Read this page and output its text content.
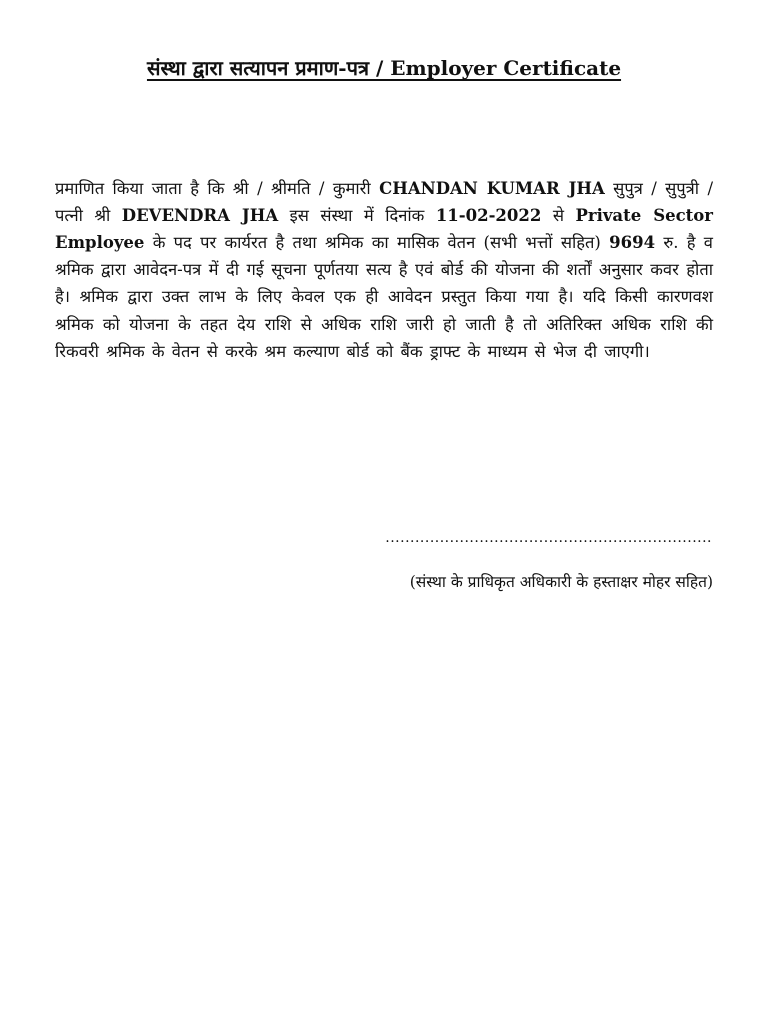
संस्था द्वारा सत्यापन प्रमाण-पत्र / Employer Certificate

प्रमाणित किया जाता है कि श्री / श्रीमति / कुमारी CHANDAN KUMAR JHA सुपुत्र / सुपुत्री / पत्नी श्री DEVENDRA JHA इस संस्था में दिनांक 11-02-2022 से Private Sector Employee के पद पर कार्यरत है तथा श्रमिक का मासिक वेतन (सभी भत्तों सहित) 9694 रु. है व श्रमिक द्वारा आवेदन-पत्र में दी गई सूचना पूर्णतया सत्य है एवं बोर्ड की योजना की शर्तों अनुसार कवर होता है। श्रमिक द्वारा उक्त लाभ के लिए केवल एक ही आवेदन प्रस्तुत किया गया है। यदि किसी कारणवश श्रमिक को योजना के तहत देय राशि से अधिक राशि जारी हो जाती है तो अतिरिक्त अधिक राशि की रिकवरी श्रमिक के वेतन से करके श्रम कल्याण बोर्ड को बैंक ड्राफ्ट के माध्यम से भेज दी जाएगी।

..................................................................
(संस्था के प्राधिकृत अधिकारी के हस्ताक्षर मोहर सहित)
